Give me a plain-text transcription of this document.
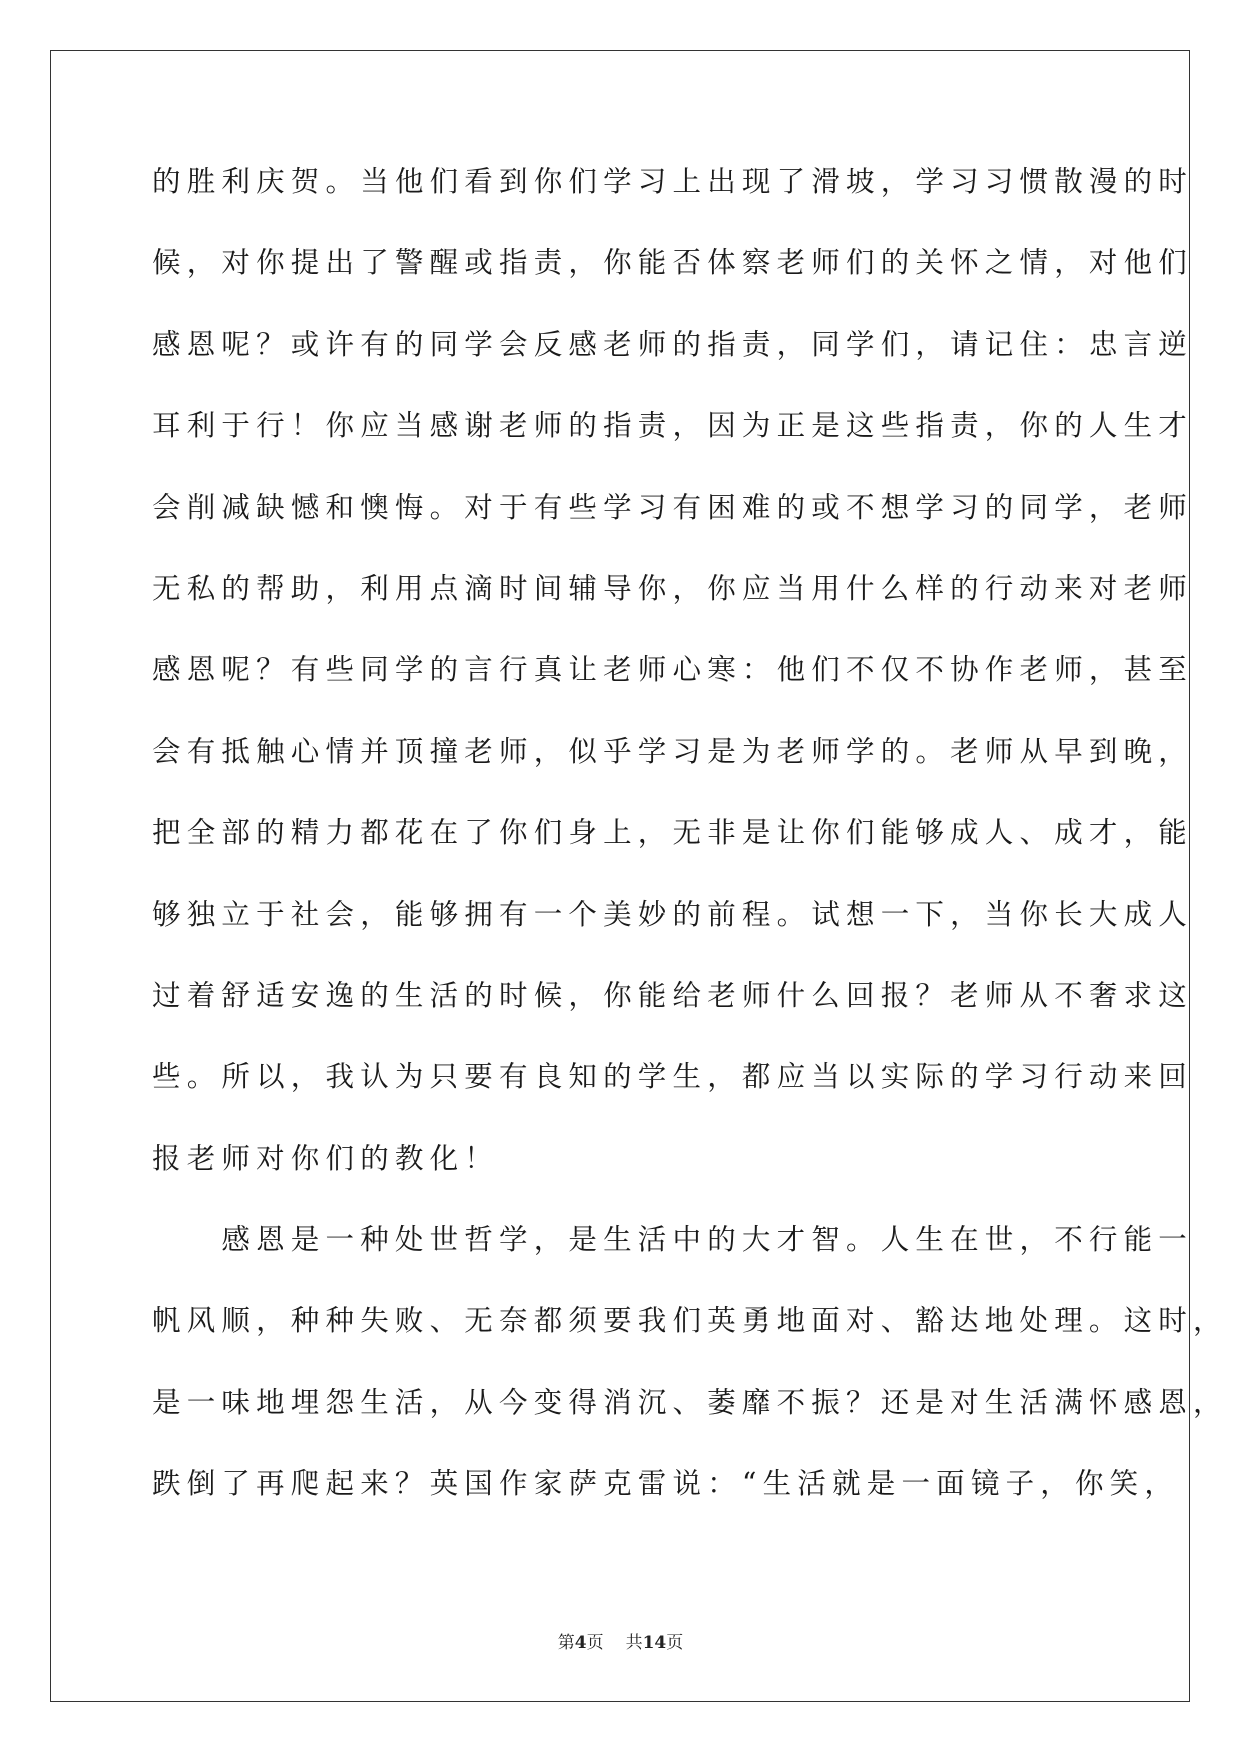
的胜利庆贺。当他们看到你们学习上出现了滑坡，学习习惯散漫的时
候，对你提出了警醒或指责，你能否体察老师们的关怀之情，对他们
感恩呢？或许有的同学会反感老师的指责，同学们，请记住：忠言逆
耳利于行！你应当感谢老师的指责，因为正是这些指责，你的人生才
会削减缺憾和懊悔。对于有些学习有困难的或不想学习的同学，老师
无私的帮助，利用点滴时间辅导你，你应当用什么样的行动来对老师
感恩呢？有些同学的言行真让老师心寒：他们不仅不协作老师，甚至
会有抵触心情并顶撞老师，似乎学习是为老师学的。老师从早到晚，
把全部的精力都花在了你们身上，无非是让你们能够成人、成才，能
够独立于社会，能够拥有一个美妙的前程。试想一下，当你长大成人
过着舒适安逸的生活的时候，你能给老师什么回报？老师从不奢求这
些。所以，我认为只要有良知的学生，都应当以实际的学习行动来回
报老师对你们的教化！
　　感恩是一种处世哲学，是生活中的大才智。人生在世，不行能一
帆风顺，种种失败、无奈都须要我们英勇地面对、豁达地处理。这时，
是一味地埋怨生活，从今变得消沉、萎靡不振？还是对生活满怀感恩，
跌倒了再爬起来？英国作家萨克雷说：“生活就是一面镜子，你笑，
第4页 共14页
